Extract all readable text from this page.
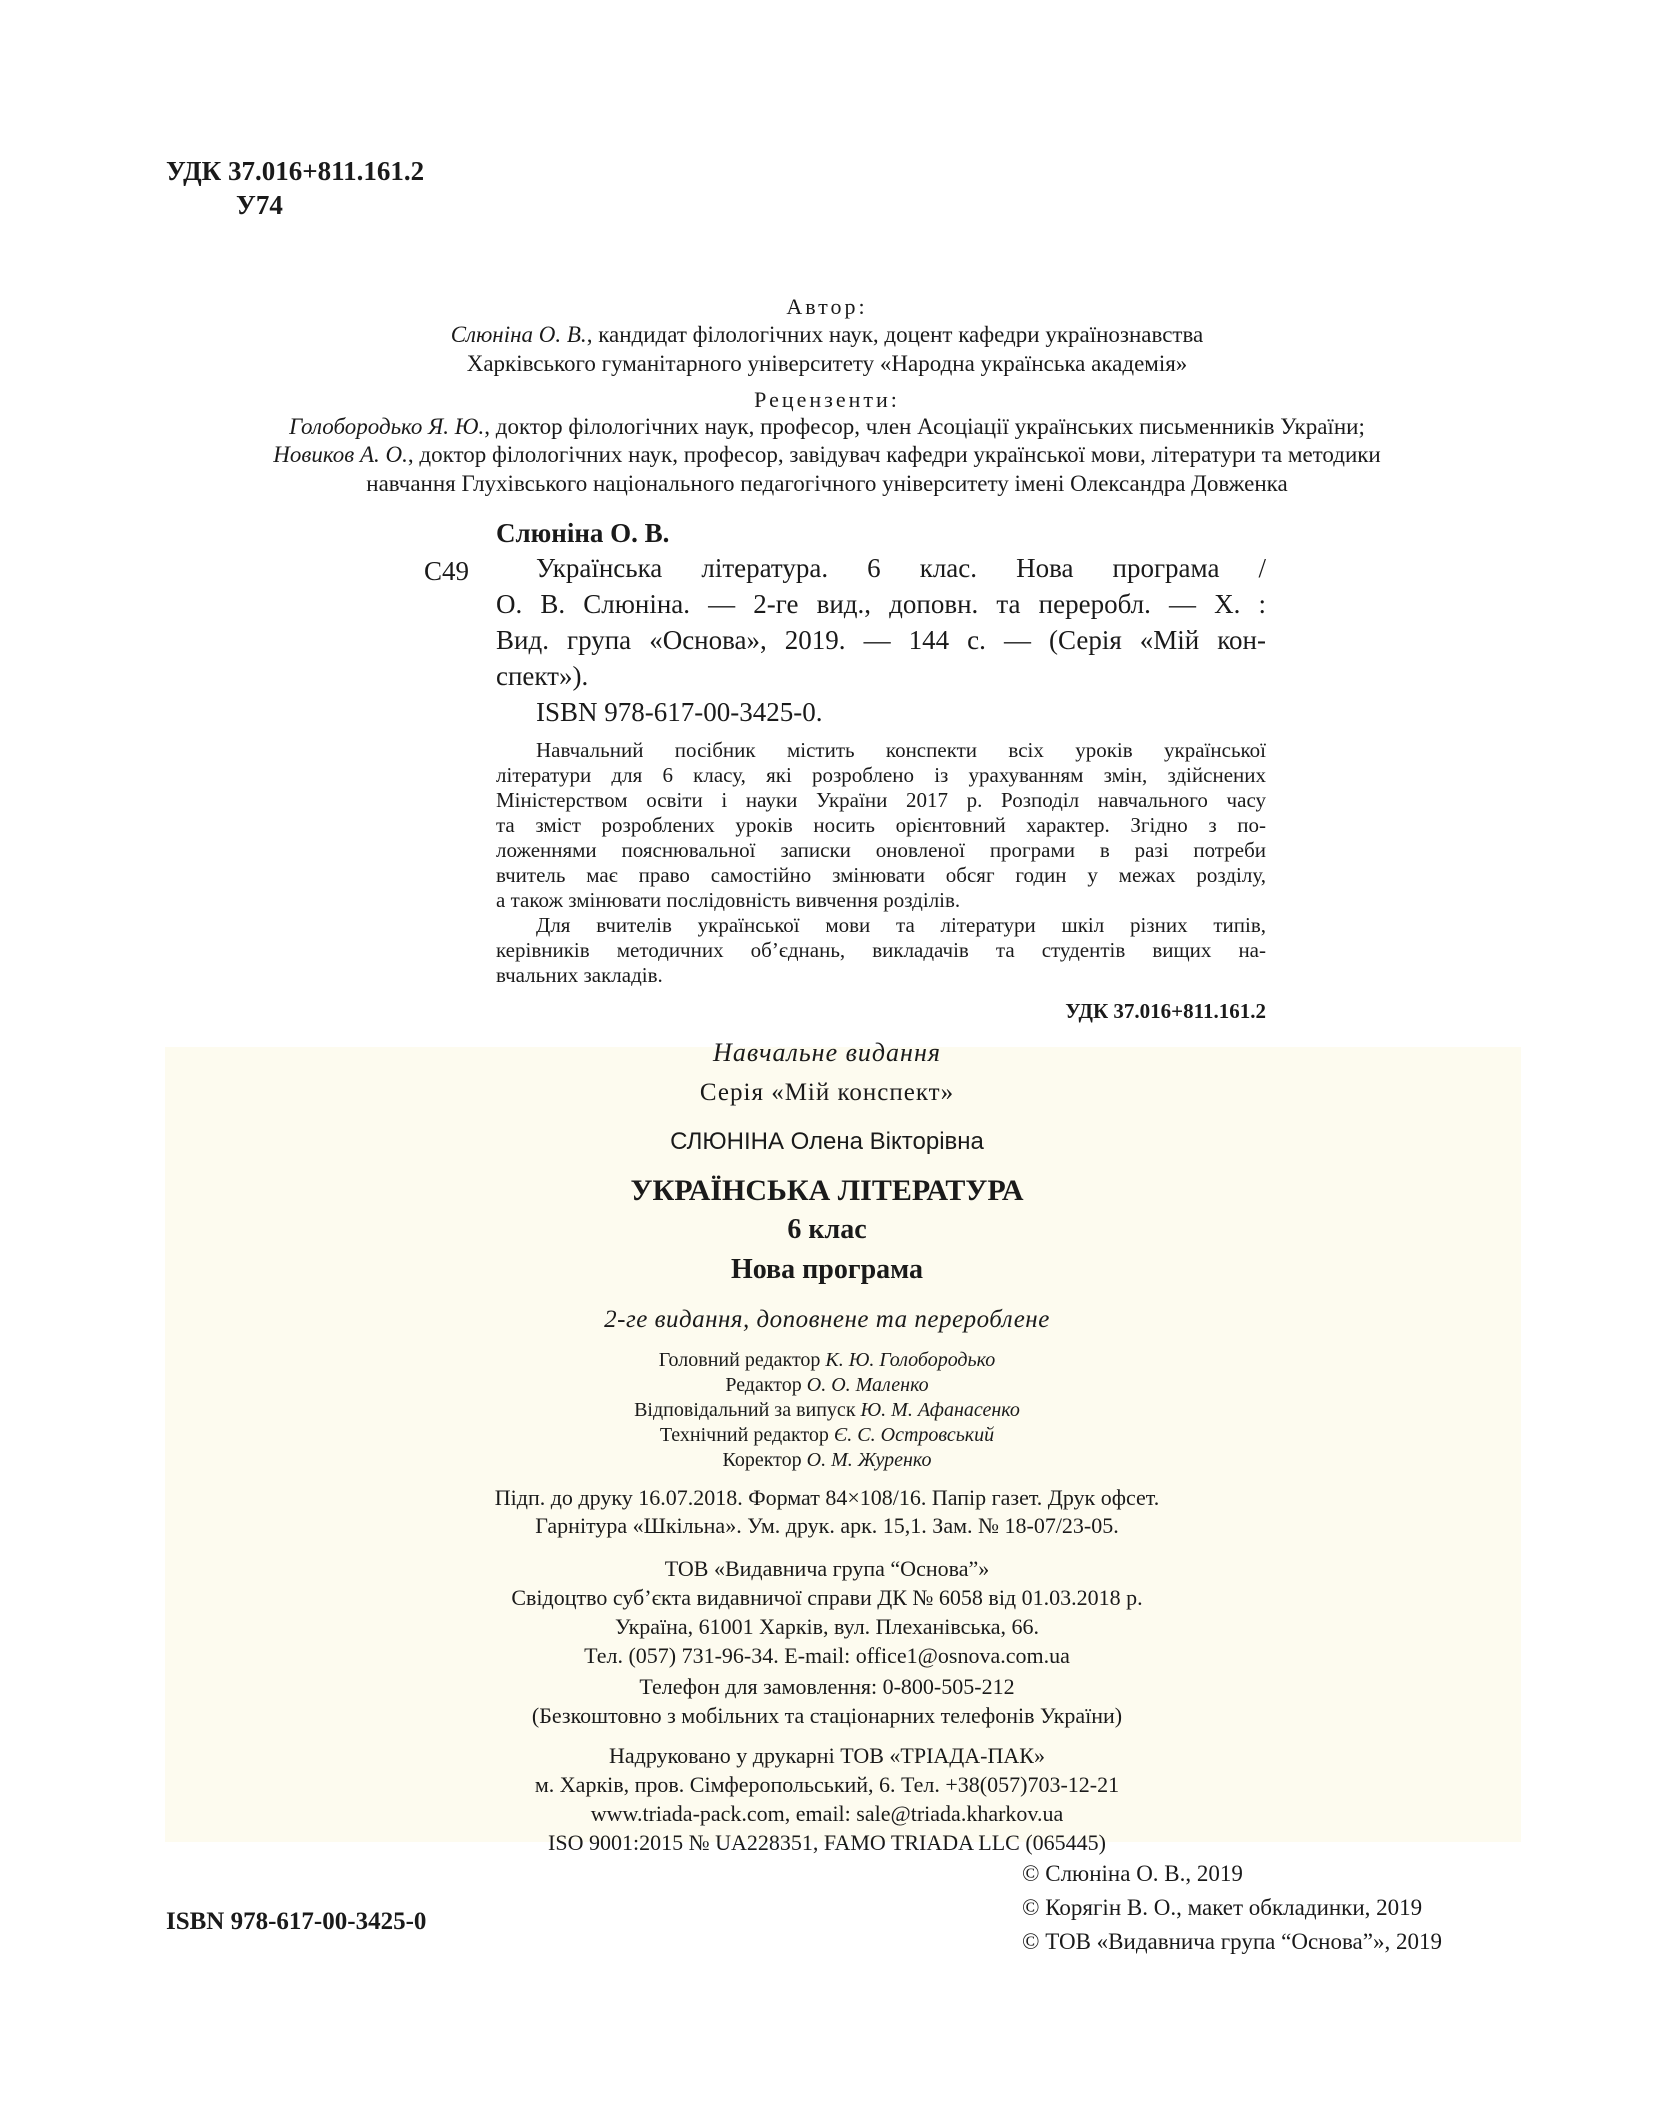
УДК 37.016+811.161.2
У74
Автор:
Слюніна О. В., кандидат філологічних наук, доцент кафедри українознавства
Харківського гуманітарного університету «Народна українська академія»
Рецензенти:
Голобородько Я. Ю., доктор філологічних наук, професор, член Асоціації українських письменників України;
Новиков А. О., доктор філологічних наук, професор, завідувач кафедри української мови, літератури та методики
навчання Глухівського національного педагогічного університету імені Олександра Довженка
Слюніна О. В.
С49	Українська література. 6 клас. Нова програма /
О. В. Слюніна. — 2-ге вид., доповн. та переробл. — Х. :
Вид. група «Основа», 2019. — 144 с. — (Серія «Мій кон-
спект»).
ISBN 978-617-00-3425-0.
Навчальний посібник містить конспекти всіх уроків української
літератури для 6 класу, які розроблено із урахуванням змін, здійснених
Міністерством освіти і науки України 2017 р. Розподіл навчального часу
та зміст розроблених уроків носить орієнтовний характер. Згідно з по-
ложеннями пояснювальної записки оновленої програми в разі потреби
вчитель має право самостійно змінювати обсяг годин у межах розділу,
а також змінювати послідовність вивчення розділів.
Для вчителів української мови та літератури шкіл різних типів,
керівників методичних об’єднань, викладачів та студентів вищих на-
вчальних закладів.
УДК 37.016+811.161.2
Навчальне видання
Серія «Мій конспект»
СЛЮНІНА Олена Вікторівна
УКРАЇНСЬКА ЛІТЕРАТУРА
6 клас
Нова програма
2-ге видання, доповнене та перероблене
Головний редактор К. Ю. Голобородько
Редактор О. О. Маленко
Відповідальний за випуск Ю. М. Афанасенко
Технічний редактор Є. С. Островський
Коректор О. М. Журенко
Підп. до друку 16.07.2018. Формат 84×108/16. Папір газет. Друк офсет.
Гарнітура «Шкільна». Ум. друк. арк. 15,1. Зам. № 18-07/23-05.
ТОВ «Видавнича група “Основа”»
Свідоцтво суб’єкта видавничої справи ДК № 6058 від 01.03.2018 р.
Україна, 61001 Харків, вул. Плеханівська, 66.
Тел. (057) 731-96-34. E-mail: office1@osnova.com.ua
Телефон для замовлення: 0-800-505-212
(Безкоштовно з мобільних та стаціонарних телефонів України)
Надруковано у друкарні ТОВ «ТРІАДА-ПАК»
м. Харків, пров. Сімферопольський, 6. Тел. +38(057)703-12-21
www.triada-pack.com, email: sale@triada.kharkov.ua
ISO 9001:2015 № UA228351, FAMO TRIADA LLC (065445)
© Слюніна О. В., 2019
© Корягін В. О., макет обкладинки, 2019
© ТОВ «Видавнича група “Основа”», 2019
ISBN 978-617-00-3425-0
